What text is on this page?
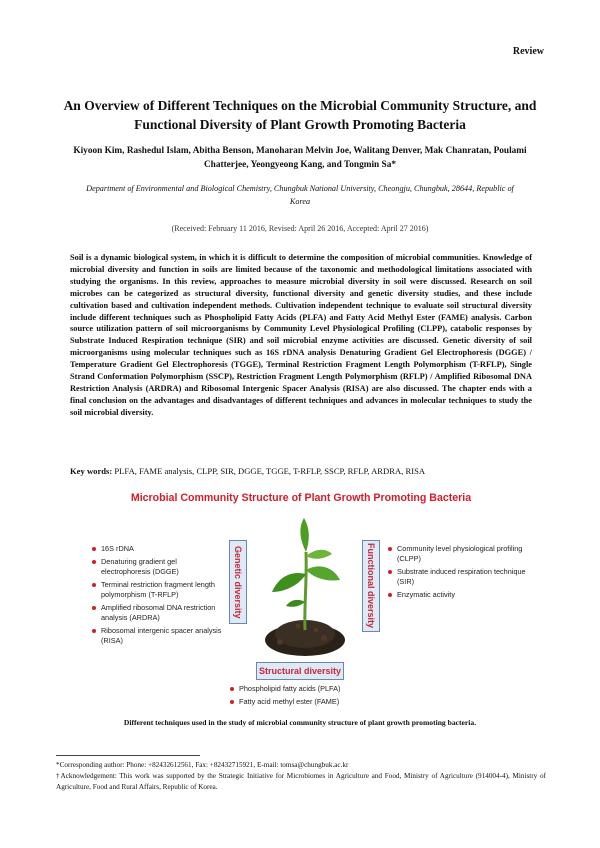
Review
An Overview of Different Techniques on the Microbial Community Structure, and Functional Diversity of Plant Growth Promoting Bacteria
Kiyoon Kim, Rashedul Islam, Abitha Benson, Manoharan Melvin Joe, Walitang Denver, Mak Chanratan, Poulami Chatterjee, Yeongyeong Kang, and Tongmin Sa*
Department of Environmental and Biological Chemistry, Chungbuk National University, Cheongju, Chungbuk, 28644, Republic of Korea
(Received: February 11 2016, Revised: April 26 2016, Accepted: April 27 2016)

Soil is a dynamic biological system, in which it is difficult to determine the composition of microbial communities. Knowledge of microbial diversity and function in soils are limited because of the taxonomic and methodological limitations associated with studying the organisms. In this review, approaches to measure microbial diversity in soil were discussed. Research on soil microbes can be categorized as structural diversity, functional diversity and genetic diversity studies, and these include cultivation based and cultivation independent methods. Cultivation independent technique to evaluate soil structural diversity include different techniques such as Phospholipid Fatty Acids (PLFA) and Fatty Acid Methyl Ester (FAME) analysis. Carbon source utilization pattern of soil microorganisms by Community Level Physiological Profiling (CLPP), catabolic responses by Substrate Induced Respiration technique (SIR) and soil microbial enzyme activities are discussed. Genetic diversity of soil microorganisms using molecular techniques such as 16S rDNA analysis Denaturing Gradient Gel Electrophoresis (DGGE) / Temperature Gradient Gel Electrophoresis (TGGE), Terminal Restriction Fragment Length Polymorphism (T-RFLP), Single Strand Conformation Polymorphism (SSCP), Restriction Fragment Length Polymorphism (RFLP) / Amplified Ribosomal DNA Restriction Analysis (ARDRA) and Ribosomal Intergenic Spacer Analysis (RISA) are also discussed. The chapter ends with a final conclusion on the advantages and disadvantages of different techniques and advances in molecular techniques to study the soil microbial diversity.

Key words: PLFA, FAME analysis, CLPP, SIR, DGGE, TGGE, T-RFLP, SSCP, RFLP, ARDRA, RISA
Microbial Community Structure of Plant Growth Promoting Bacteria
16S rDNA
Denaturing gradient gel electrophoresis (DGGE)
Terminal restriction fragment length polymorphism (T-RFLP)
Amplified ribosomal DNA restriction analysis (ARDRA)
Ribosomal intergenic spacer analysis (RISA)
Genetic diversity	Functional diversity	Community level physiological profiling (CLPP)
Substrate induced respiration technique (SIR)
Enzymatic activity
Structural diversity
Phospholipid fatty acids (PLFA)
Fatty acid methyl ester (FAME)
Different techniques used in the study of microbial community structure of plant growth promoting bacteria.
*Corresponding author: Phone: +82432612561, Fax: +82432715921, E-mail: tomsa@chungbuk.ac.kr
†Acknowledgement: This work was supported by the Strategic Initiative for Microbiomes in Agriculture and Food, Ministry of Agriculture (914004-4), Ministry of Agriculture, Food and Rural Affairs, Republic of Korea.
